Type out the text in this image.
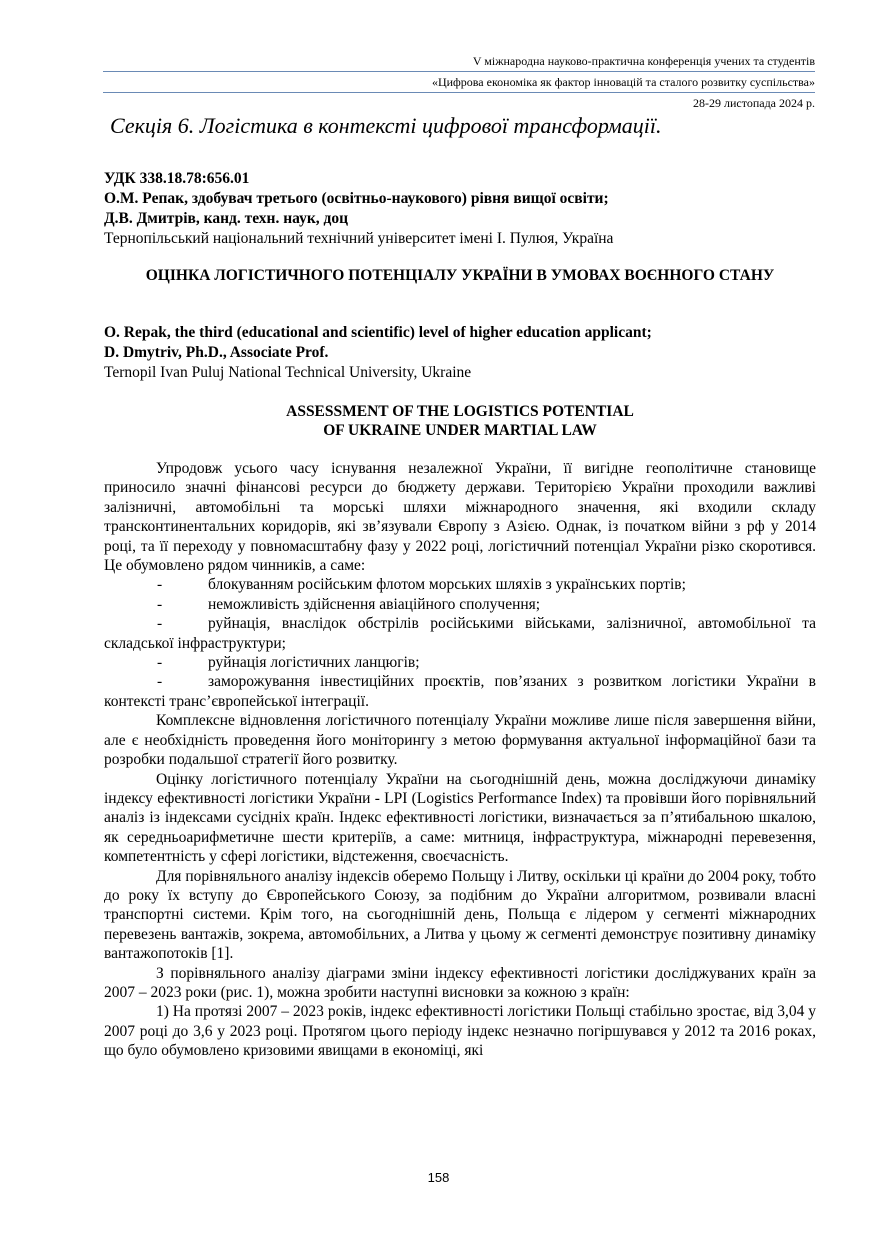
V міжнародна науково-практична конференція учених та студентів
«Цифрова економіка як фактор інновацій та сталого розвитку суспільства»
28-29 листопада 2024 р.
Секція 6. Логістика в контексті цифрової трансформації.
УДК 338.18.78:656.01
О.М. Репак, здобувач третього (освітньо-наукового) рівня вищої освіти;
Д.В. Дмитрів, канд. техн. наук, доц
Тернопільський національний технічний університет імені І. Пулюя, Україна
ОЦІНКА ЛОГІСТИЧНОГО ПОТЕНЦІАЛУ УКРАЇНИ В УМОВАХ ВОЄННОГО СТАНУ
O. Repak, the third (educational and scientific) level of higher education applicant;
D. Dmytriv, Ph.D., Associate Prof.
Ternopil Ivan Puluj National Technical University, Ukraine
ASSESSMENT OF THE LOGISTICS POTENTIAL
OF UKRAINE UNDER MARTIAL LAW

Упродовж усього часу існування незалежної України, її вигідне геополітичне становище приносило значні фінансові ресурси до бюджету держави. Територією України проходили важливі залізничні, автомобільні та морські шляхи міжнародного значення, які входили складу трансконтинентальних коридорів, які зв’язували Європу з Азією. Однак, із початком війни з рф у 2014 році, та її переходу у повномасштабну фазу у 2022 році, логістичний потенціал України різко скоротився. Це обумовлено рядом чинників, а саме:

-	блокуванням російським флотом морських шляхів з українських портів;

-	неможливість здійснення авіаційного сполучення;

-	руйнація, внаслідок обстрілів російськими військами, залізничної, автомобільної та складської інфраструктури;

-	руйнація логістичних ланцюгів;

-	заморожування інвестиційних проєктів, пов’язаних з розвитком логістики України в контексті транс’європейської інтеграції.

Комплексне відновлення логістичного потенціалу України можливе лише після завершення війни, але є необхідність проведення його моніторингу з метою формування актуальної інформаційної бази та розробки подальшої стратегії його розвитку.

Оцінку логістичного потенціалу України на сьогоднішній день, можна досліджуючи динаміку індексу ефективності логістики України - LPI (Logistics Performance Index) та провівши його порівняльний аналіз із індексами сусідніх країн. Індекс ефективності логістики, визначається за п’ятибальною шкалою, як середньоарифметичне шести критеріїв, а саме: митниця, інфраструктура, міжнародні перевезення, компетентність у сфері логістики, відстеження, своєчасність.

Для порівняльного аналізу індексів оберемо Польщу і Литву, оскільки ці країни до 2004 року, тобто до року їх вступу до Європейського Союзу, за подібним до України алгоритмом, розвивали власні транспортні системи. Крім того, на сьогоднішній день, Польща є лідером у сегменті міжнародних перевезень вантажів, зокрема, автомобільних, а Литва у цьому ж сегменті демонструє позитивну динаміку вантажопотоків [1].

З порівняльного аналізу діаграми зміни індексу ефективності логістики досліджуваних країн за 2007 – 2023 роки (рис. 1), можна зробити наступні висновки за кожною з країн:

1) На протязі 2007 – 2023 років, індекс ефективності логістики Польщі стабільно зростає, від 3,04 у 2007 році до 3,6 у 2023 році. Протягом цього періоду індекс незначно погіршувався у 2012 та 2016 роках, що було обумовлено кризовими явищами в економіці, які

158
